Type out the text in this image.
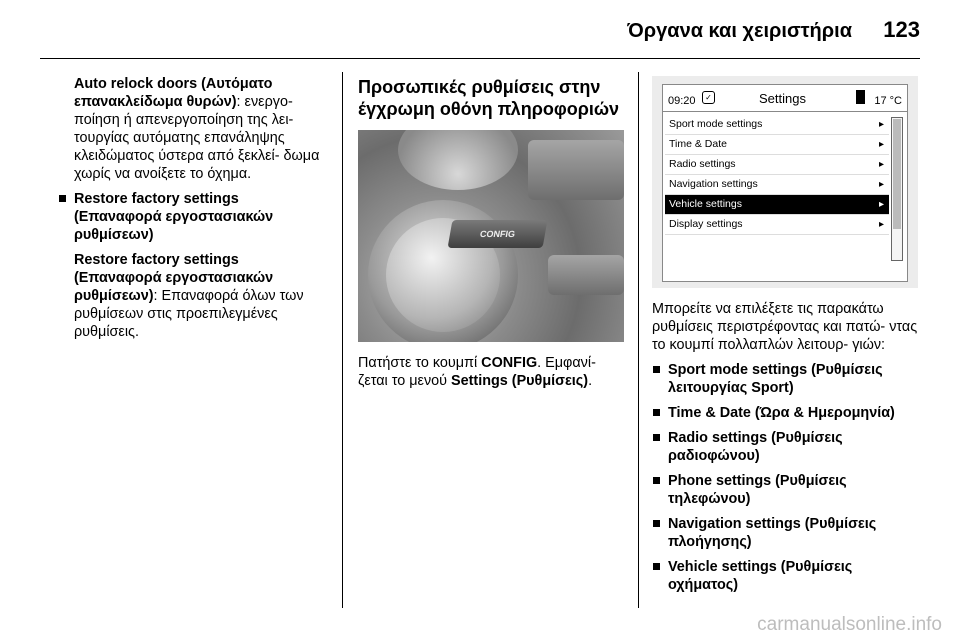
Όργανα και χειριστήρια 123

Auto relock doors (Αυτόματο επανακλείδωμα θυρών): ενεργο- ποίηση ή απενεργοποίηση της λει- τουργίας αυτόματης επανάληψης κλειδώματος ύστερα από ξεκλεί- δωμα χωρίς να ανοίξετε το όχημα.

Restore factory settings (Επαναφορά εργοστασιακών ρυθμίσεων)

Restore factory settings (Επαναφορά εργοστασιακών ρυθμίσεων): Επαναφορά όλων των ρυθμίσεων στις προεπιλεγμένες ρυθμίσεις.

Προσωπικές ρυθμίσεις στην έγχρωμη οθόνη πληροφοριών
CONFIG

Πατήστε το κουμπί CONFIG. Εμφανί- ζεται το μενού Settings (Ρυθμίσεις).

09:20	✓	Settings	17 °C
Sport mode settings	▸
Time & Date	▸
Radio settings	▸
Navigation settings	▸
Vehicle settings	▸
Display settings	▸

Μπορείτε να επιλέξετε τις παρακάτω ρυθμίσεις περιστρέφοντας και πατώ- ντας το κουμπί πολλαπλών λειτουρ- γιών:

Sport mode settings (Ρυθμίσεις λειτουργίας Sport)
Time & Date (Ώρα & Ημερομηνία)
Radio settings (Ρυθμίσεις ραδιοφώνου)
Phone settings (Ρυθμίσεις τηλεφώνου)
Navigation settings (Ρυθμίσεις πλοήγησης)
Vehicle settings (Ρυθμίσεις οχήματος)
carmanualsonline.info
